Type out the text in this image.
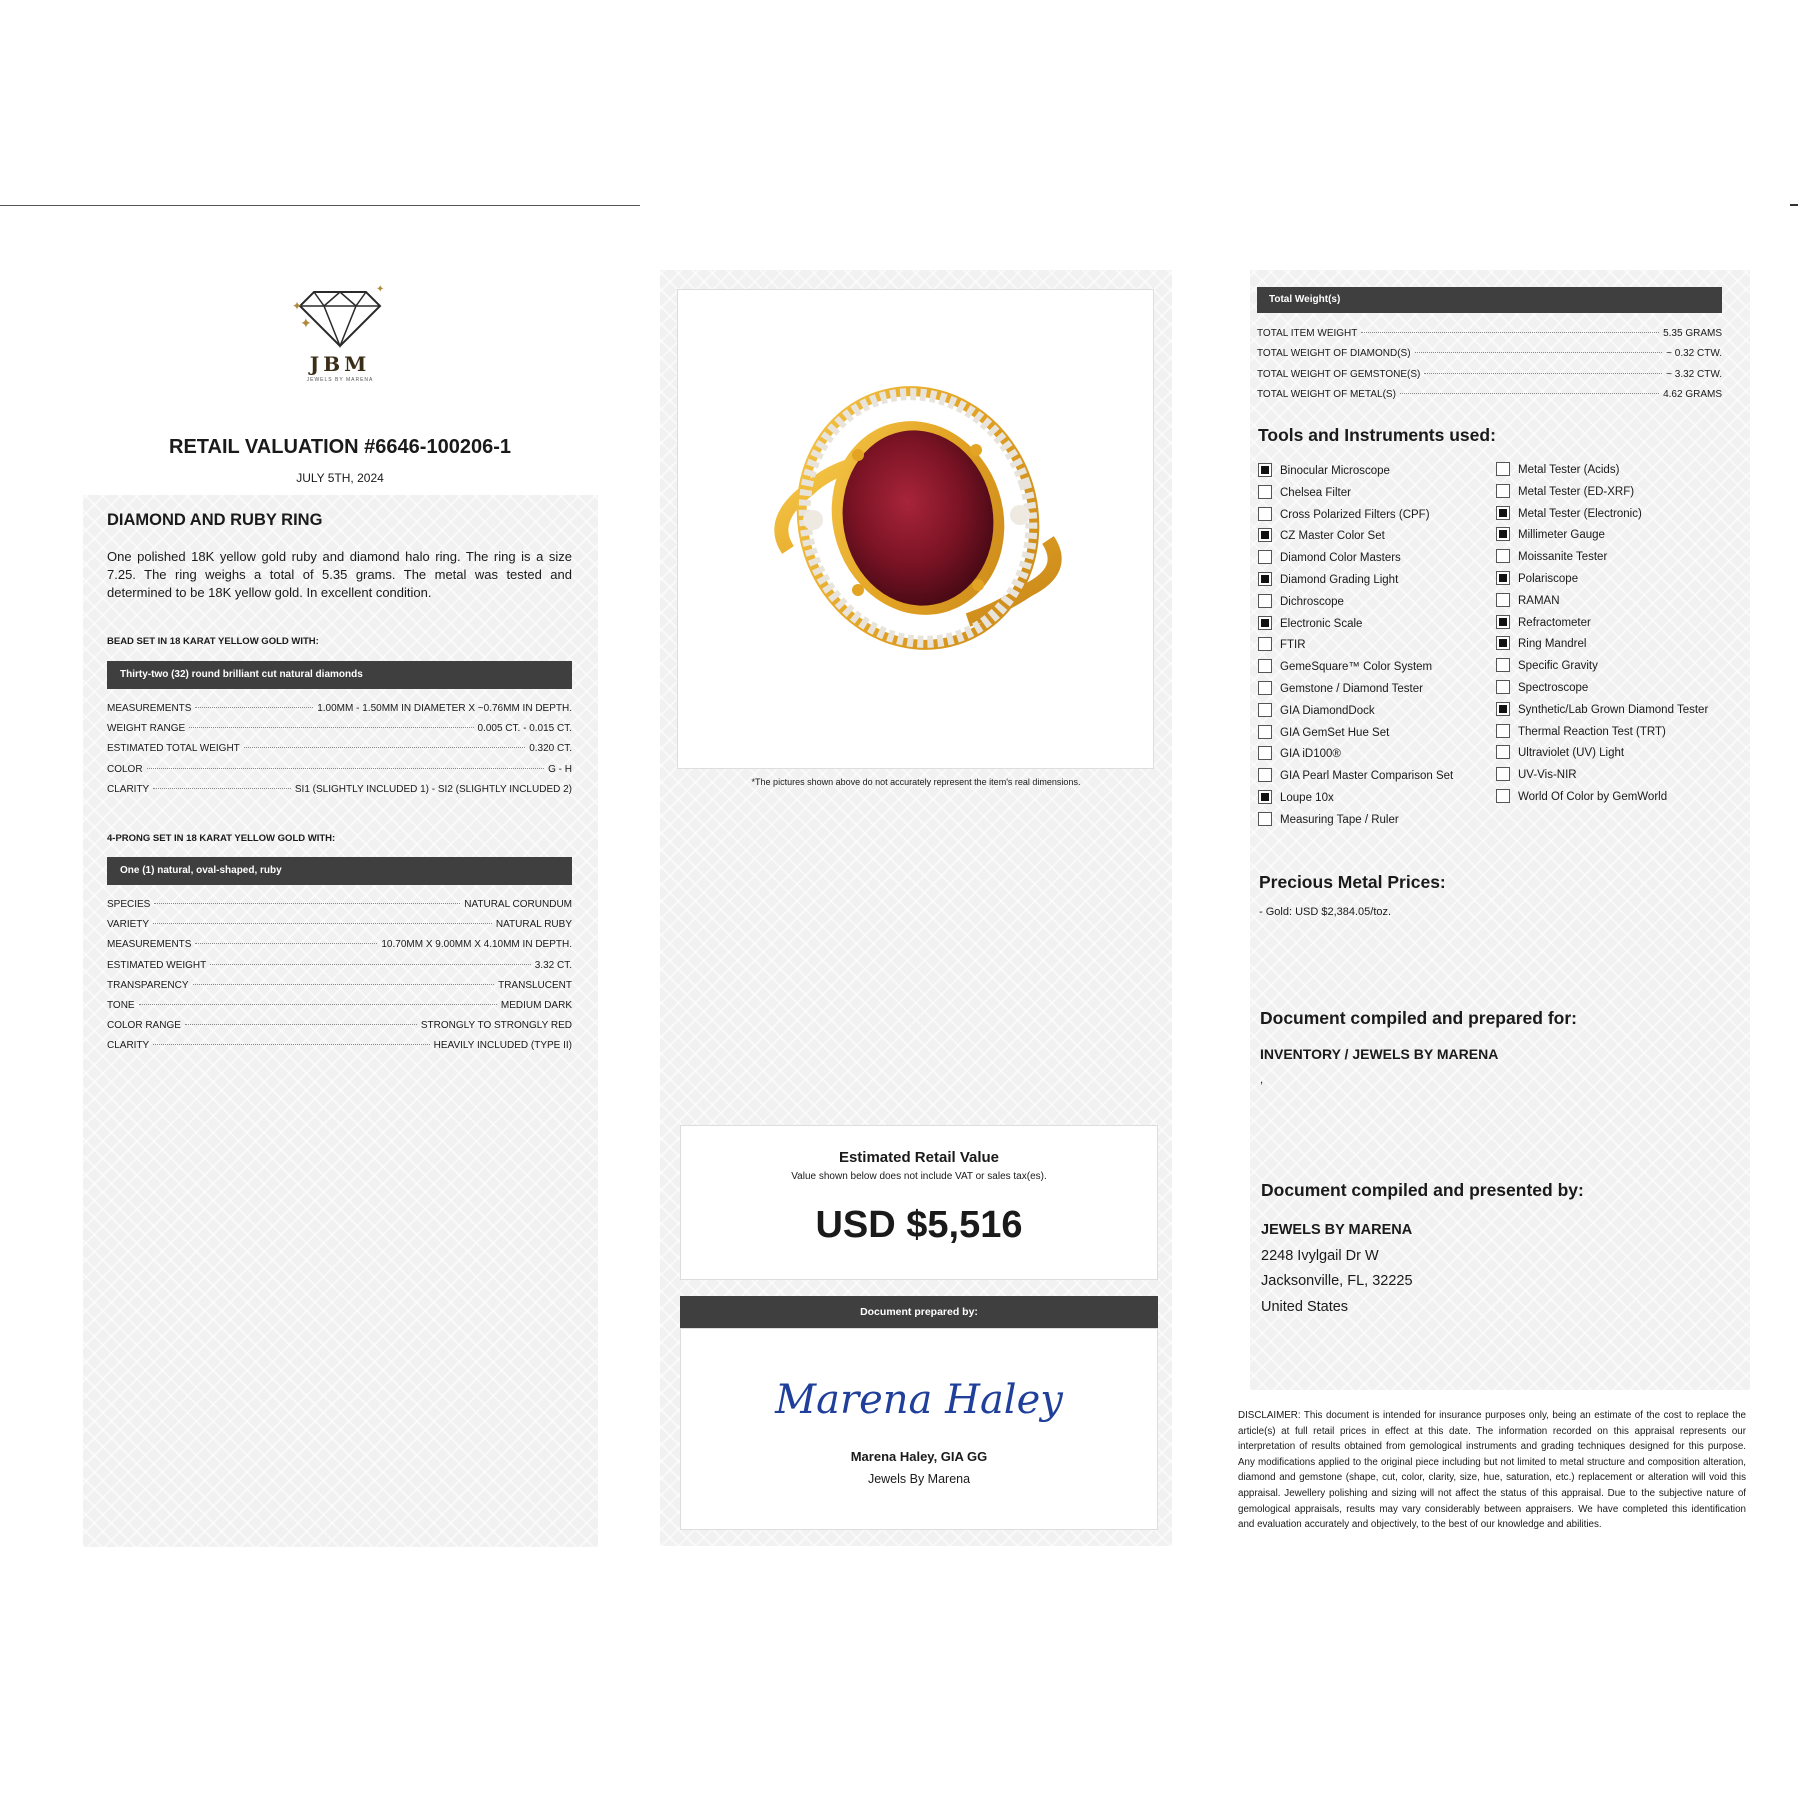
✦
✦
✦
JBM
JEWELS BY MARENA
RETAIL VALUATION #6646-100206-1
JULY 5TH, 2024
DIAMOND AND RUBY RING
One polished 18K yellow gold ruby and diamond halo ring. The ring is a size 7.25. The ring weighs a total of 5.35 grams. The metal was tested and determined to be 18K yellow gold. In excellent condition.
BEAD SET IN 18 KARAT YELLOW GOLD WITH:
Thirty-two (32) round brilliant cut natural diamonds
MEASUREMENTS	1.00MM - 1.50MM IN DIAMETER X ~0.76MM IN DEPTH.
WEIGHT RANGE	0.005 CT. - 0.015 CT.
ESTIMATED TOTAL WEIGHT	0.320 CT.
COLOR	G - H
CLARITY	SI1 (SLIGHTLY INCLUDED 1) - SI2 (SLIGHTLY INCLUDED 2)
4-PRONG SET IN 18 KARAT YELLOW GOLD WITH:
One (1) natural, oval-shaped, ruby
SPECIES	NATURAL CORUNDUM
VARIETY	NATURAL RUBY
MEASUREMENTS	10.70MM X 9.00MM X 4.10MM IN DEPTH.
ESTIMATED WEIGHT	3.32 CT.
TRANSPARENCY	TRANSLUCENT
TONE	MEDIUM DARK
COLOR RANGE	STRONGLY TO STRONGLY RED
CLARITY	HEAVILY INCLUDED (TYPE II)
*The pictures shown above do not accurately represent the item's real dimensions.
Estimated Retail Value
Value shown below does not include VAT or sales tax(es).
USD $5,516
Document prepared by:
Marena Haley
Marena Haley, GIA GG
Jewels By Marena
Total Weight(s)
TOTAL ITEM WEIGHT	5.35 GRAMS
TOTAL WEIGHT OF DIAMOND(S)	~ 0.32 CTW.
TOTAL WEIGHT OF GEMSTONE(S)	~ 3.32 CTW.
TOTAL WEIGHT OF METAL(S)	4.62 GRAMS
Tools and Instruments used:
Binocular Microscope
Chelsea Filter
Cross Polarized Filters (CPF)
CZ Master Color Set
Diamond Color Masters
Diamond Grading Light
Dichroscope
Electronic Scale
FTIR
GemeSquare™ Color System
Gemstone / Diamond Tester
GIA DiamondDock
GIA GemSet Hue Set
GIA iD100®
GIA Pearl Master Comparison Set
Loupe 10x
Measuring Tape / Ruler
Metal Tester (Acids)
Metal Tester (ED-XRF)
Metal Tester (Electronic)
Millimeter Gauge
Moissanite Tester
Polariscope
RAMAN
Refractometer
Ring Mandrel
Specific Gravity
Spectroscope
Synthetic/Lab Grown Diamond Tester
Thermal Reaction Test (TRT)
Ultraviolet (UV) Light
UV-Vis-NIR
World Of Color by GemWorld
Precious Metal Prices:
- Gold: USD $2,384.05/toz.
Document compiled and prepared for:
INVENTORY / JEWELS BY MARENA
,
Document compiled and presented by:
JEWELS BY MARENA
2248 Ivylgail Dr W
Jacksonville, FL, 32225
United States
DISCLAIMER: This document is intended for insurance purposes only, being an estimate of the cost to replace the article(s) at full retail prices in effect at this date. The information recorded on this appraisal represents our interpretation of results obtained from gemological instruments and grading techniques designed for this purpose. Any modifications applied to the original piece including but not limited to metal structure and composition alteration, diamond and gemstone (shape, cut, color, clarity, size, hue, saturation, etc.) replacement or alteration will void this appraisal. Jewellery polishing and sizing will not affect the status of this appraisal. Due to the subjective nature of gemological appraisals, results may vary considerably between appraisers. We have completed this identification and evaluation accurately and objectively, to the best of our knowledge and abilities.
